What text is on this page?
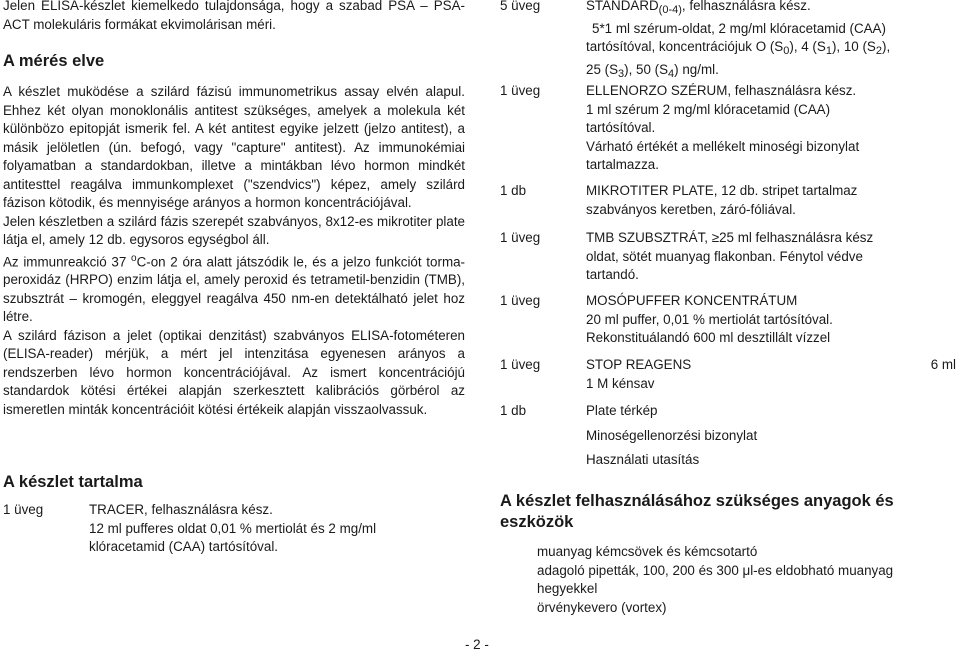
Jelen ELISA-készlet kiemelkedo tulajdonsága, hogy a szabad PSA – PSA-ACT molekuláris formákat ekvimolárisan méri.

A mérés elve

A készlet muködése a szilárd fázisú immunometrikus assay elvén alapul. Ehhez két olyan monoklonális antitest szükséges, amelyek a molekula két különbözo epitopját ismerik fel. A két antitest egyike jelzett (jelzo antitest), a másik jelöletlen (ún. befogó, vagy "capture" antitest). Az immunokémiai folyamatban a standardokban, illetve a mintákban lévo hormon mindkét antitesttel reagálva immunkomplexet ("szendvics") képez, amely szilárd fázison kötodik, és mennyisége arányos a hormon koncentrációjával.

Jelen készletben a szilárd fázis szerepét szabványos, 8x12-es mikrotiter plate látja el, amely 12 db. egysoros egységbol áll.

Az immunreakció 37 $^o$C-on 2 óra alatt játszódik le, és a jelzo funkciót torma-peroxidáz (HRPO) enzim látja el, amely peroxid és tetrametil-benzidin (TMB), szubsztrát – kromogén, eleggyel reagálva 450 nm-en detektálható jelet hoz létre.

A szilárd fázison a jelet (optikai denzitást) szabványos ELISA-fotométeren (ELISA-reader) mérjük, a mért jel intenzitása egyenesen arányos a rendszerben lévo hormon koncentrációjával. Az ismert koncentrációjú standardok kötési értékei alapján szerkesztett kalibrációs görbérol az ismeretlen minták koncentrációit kötési értékeik alapján visszaolvassuk.

A készlet tartalma

1 üveg	TRACER, felhasználásra kész.
12 ml pufferes oldat 0,01 % mertiolát és 2 mg/ml
klóracetamid (CAA) tartósítóval.
5 üveg	$STANDARD_{(0-4)}$, felhasználásra kész.
5*1 ml szérum-oldat, 2 mg/ml klóracetamid (CAA)
tartósítóval, koncentrációjuk O $(S_0)$, 4 $(S_1)$, 10 $(S_2)$,
25 $(S_3)$, 50 $(S_4)$ ng/ml.
1 üveg	ELLENORZO SZÉRUM, felhasználásra kész.
1 ml szérum 2 mg/ml klóracetamid (CAA)
tartósítóval.
Várható értékét a mellékelt minoségi bizonylat
tartalmazza.
1 db	MIKROTITER PLATE, 12 db. stripet tartalmaz
szabványos keretben, záró-fóliával.
1 üveg	TMB SZUBSZTRÁT, ≥25 ml felhasználásra kész
oldat, sötét muanyag flakonban. Fénytol védve
tartandó.
1 üveg	MOSÓPUFFER KONCENTRÁTUM
20 ml puffer, 0,01 % mertiolát tartósítóval.
Rekonstituálandó 600 ml desztillált vízzel
1 üveg	STOP REAGENS	6 ml
1 M kénsav
1 db	Plate térkép
Minoségellenorzési bizonylat
Használati utasítás

A készlet felhasználásához szükséges anyagok és eszközök

muanyag kémcsövek és kémcsotartó
adagoló pipetták, 100, 200 és 300 μl-es eldobható muanyag hegyekkel
örvénykevero (vortex)
- 2 -
